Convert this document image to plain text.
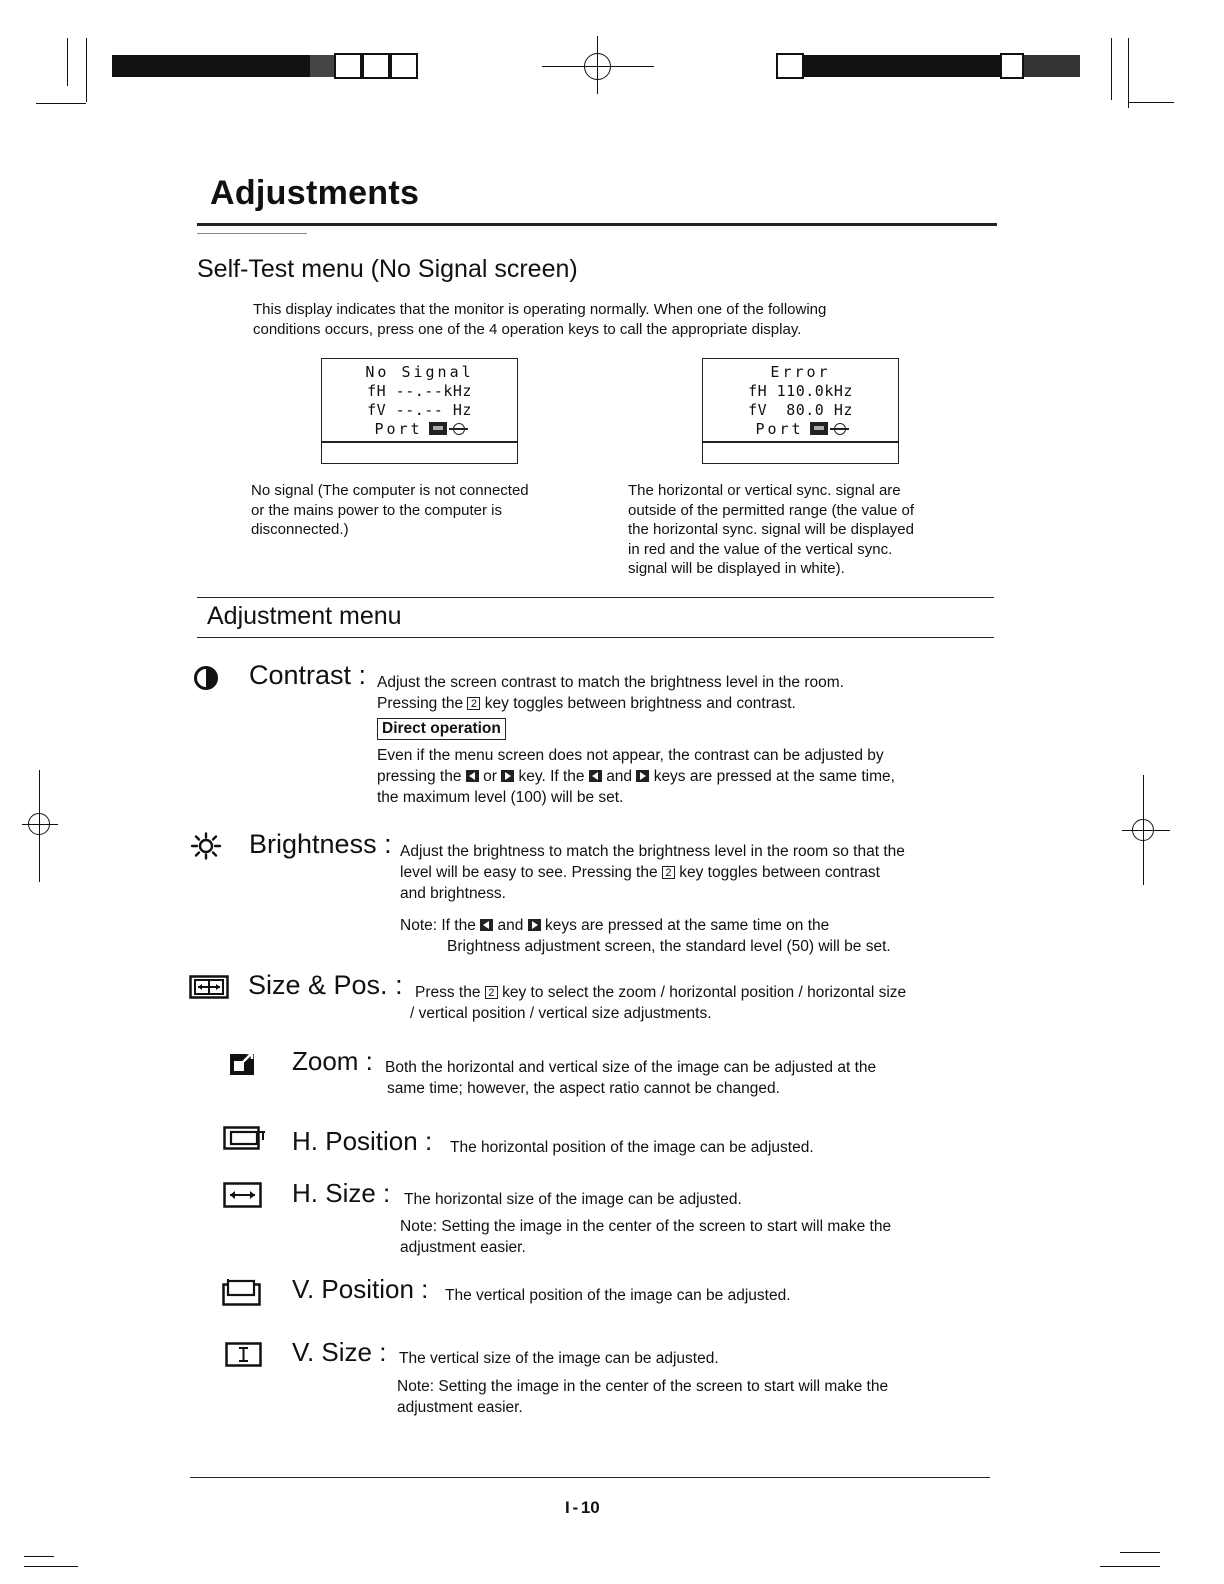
Adjustments
Self-Test menu (No Signal screen)
This display indicates that the monitor is operating normally. When one of the following
conditions occurs, press one of the 4 operation keys to call the appropriate display.
No Signal
fH --.--kHz
fV --.-- Hz
Port
Error
fH 110.0kHz
fV  80.0 Hz
Port
No signal (The computer is not connected
or the mains power to the computer is
disconnected.)
The horizontal or vertical sync. signal are
outside of the permitted range (the value of
the horizontal sync. signal will be displayed
in red and the value of the vertical sync.
signal will be displayed in white).
Adjustment menu
Contrast : Adjust the screen contrast to match the brightness level in the room.
Pressing the 2 key toggles between brightness and contrast.
Direct operation
Even if the menu screen does not appear, the contrast can be adjusted by
pressing the or key. If the and keys are pressed at the same time,
the maximum level (100) will be set.
Brightness : Adjust the brightness to match the brightness level in the room so that the
level will be easy to see. Pressing the 2 key toggles between contrast
and brightness.
Note: If the and keys are pressed at the same time on the
Brightness adjustment screen, the standard level (50) will be set.
Size & Pos. : Press the 2 key to select the zoom / horizontal position / horizontal size
/ vertical position / vertical size adjustments.
Zoom : Both the horizontal and vertical size of the image can be adjusted at the
same time; however, the aspect ratio cannot be changed.
H. Position : The horizontal position of the image can be adjusted.
H. Size : The horizontal size of the image can be adjusted.
Note: Setting the image in the center of the screen to start will make the
adjustment easier.
V. Position : The vertical position of the image can be adjusted.
V. Size : The vertical size of the image can be adjusted.
Note: Setting the image in the center of the screen to start will make the
adjustment easier.
I - 10
